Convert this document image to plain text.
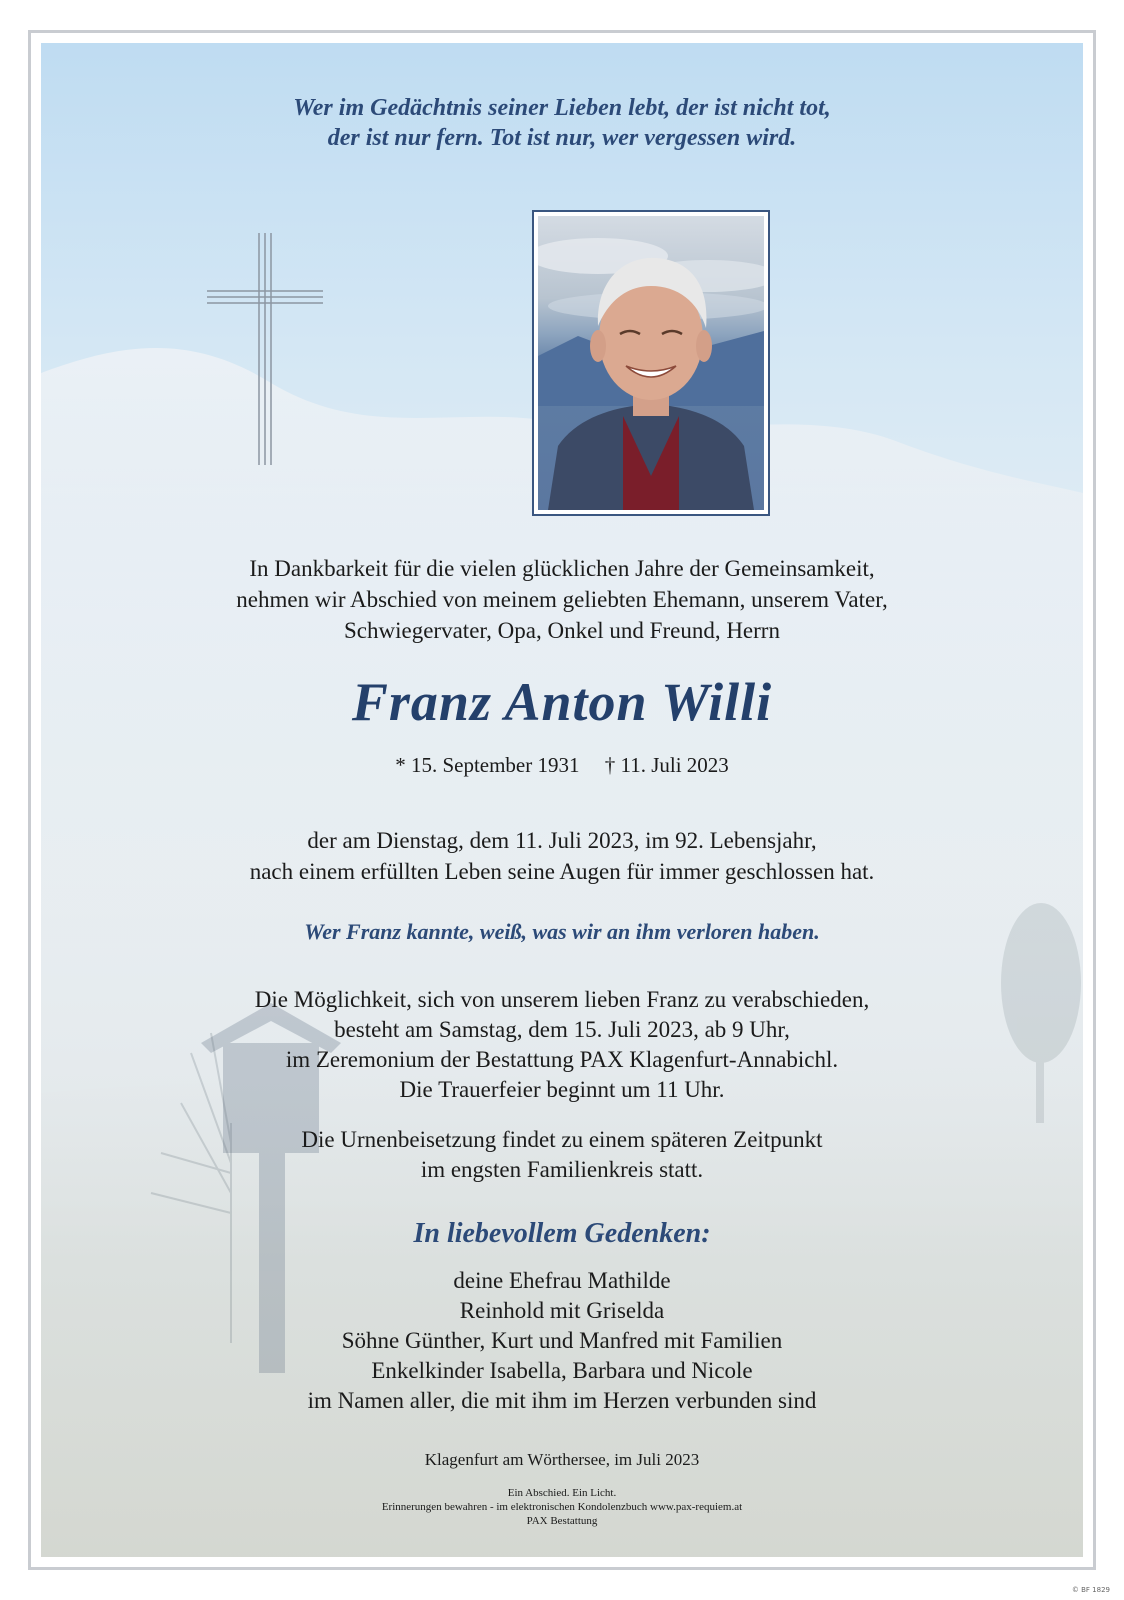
Wer im Gedächtnis seiner Lieben lebt, der ist nicht tot,
der ist nur fern. Tot ist nur, wer vergessen wird.
In Dankbarkeit für die vielen glücklichen Jahre der Gemeinsamkeit,
nehmen wir Abschied von meinem geliebten Ehemann, unserem Vater,
Schwiegervater, Opa, Onkel und Freund, Herrn
Franz Anton Willi
* 15. September 1931 † 11. Juli 2023
der am Dienstag, dem 11. Juli 2023, im 92. Lebensjahr,
nach einem erfüllten Leben seine Augen für immer geschlossen hat.
Wer Franz kannte, weiß, was wir an ihm verloren haben.
Die Möglichkeit, sich von unserem lieben Franz zu verabschieden,
besteht am Samstag, dem 15. Juli 2023, ab 9 Uhr,
im Zeremonium der Bestattung PAX Klagenfurt-Annabichl.
Die Trauerfeier beginnt um 11 Uhr.
Die Urnenbeisetzung findet zu einem späteren Zeitpunkt
im engsten Familienkreis statt.
In liebevollem Gedenken:
deine Ehefrau Mathilde
Reinhold mit Griselda
Söhne Günther, Kurt und Manfred mit Familien
Enkelkinder Isabella, Barbara und Nicole
im Namen aller, die mit ihm im Herzen verbunden sind
Klagenfurt am Wörthersee, im Juli 2023
Ein Abschied. Ein Licht.
Erinnerungen bewahren - im elektronischen Kondolenzbuch www.pax-requiem.at
PAX Bestattung
© BF 1829
